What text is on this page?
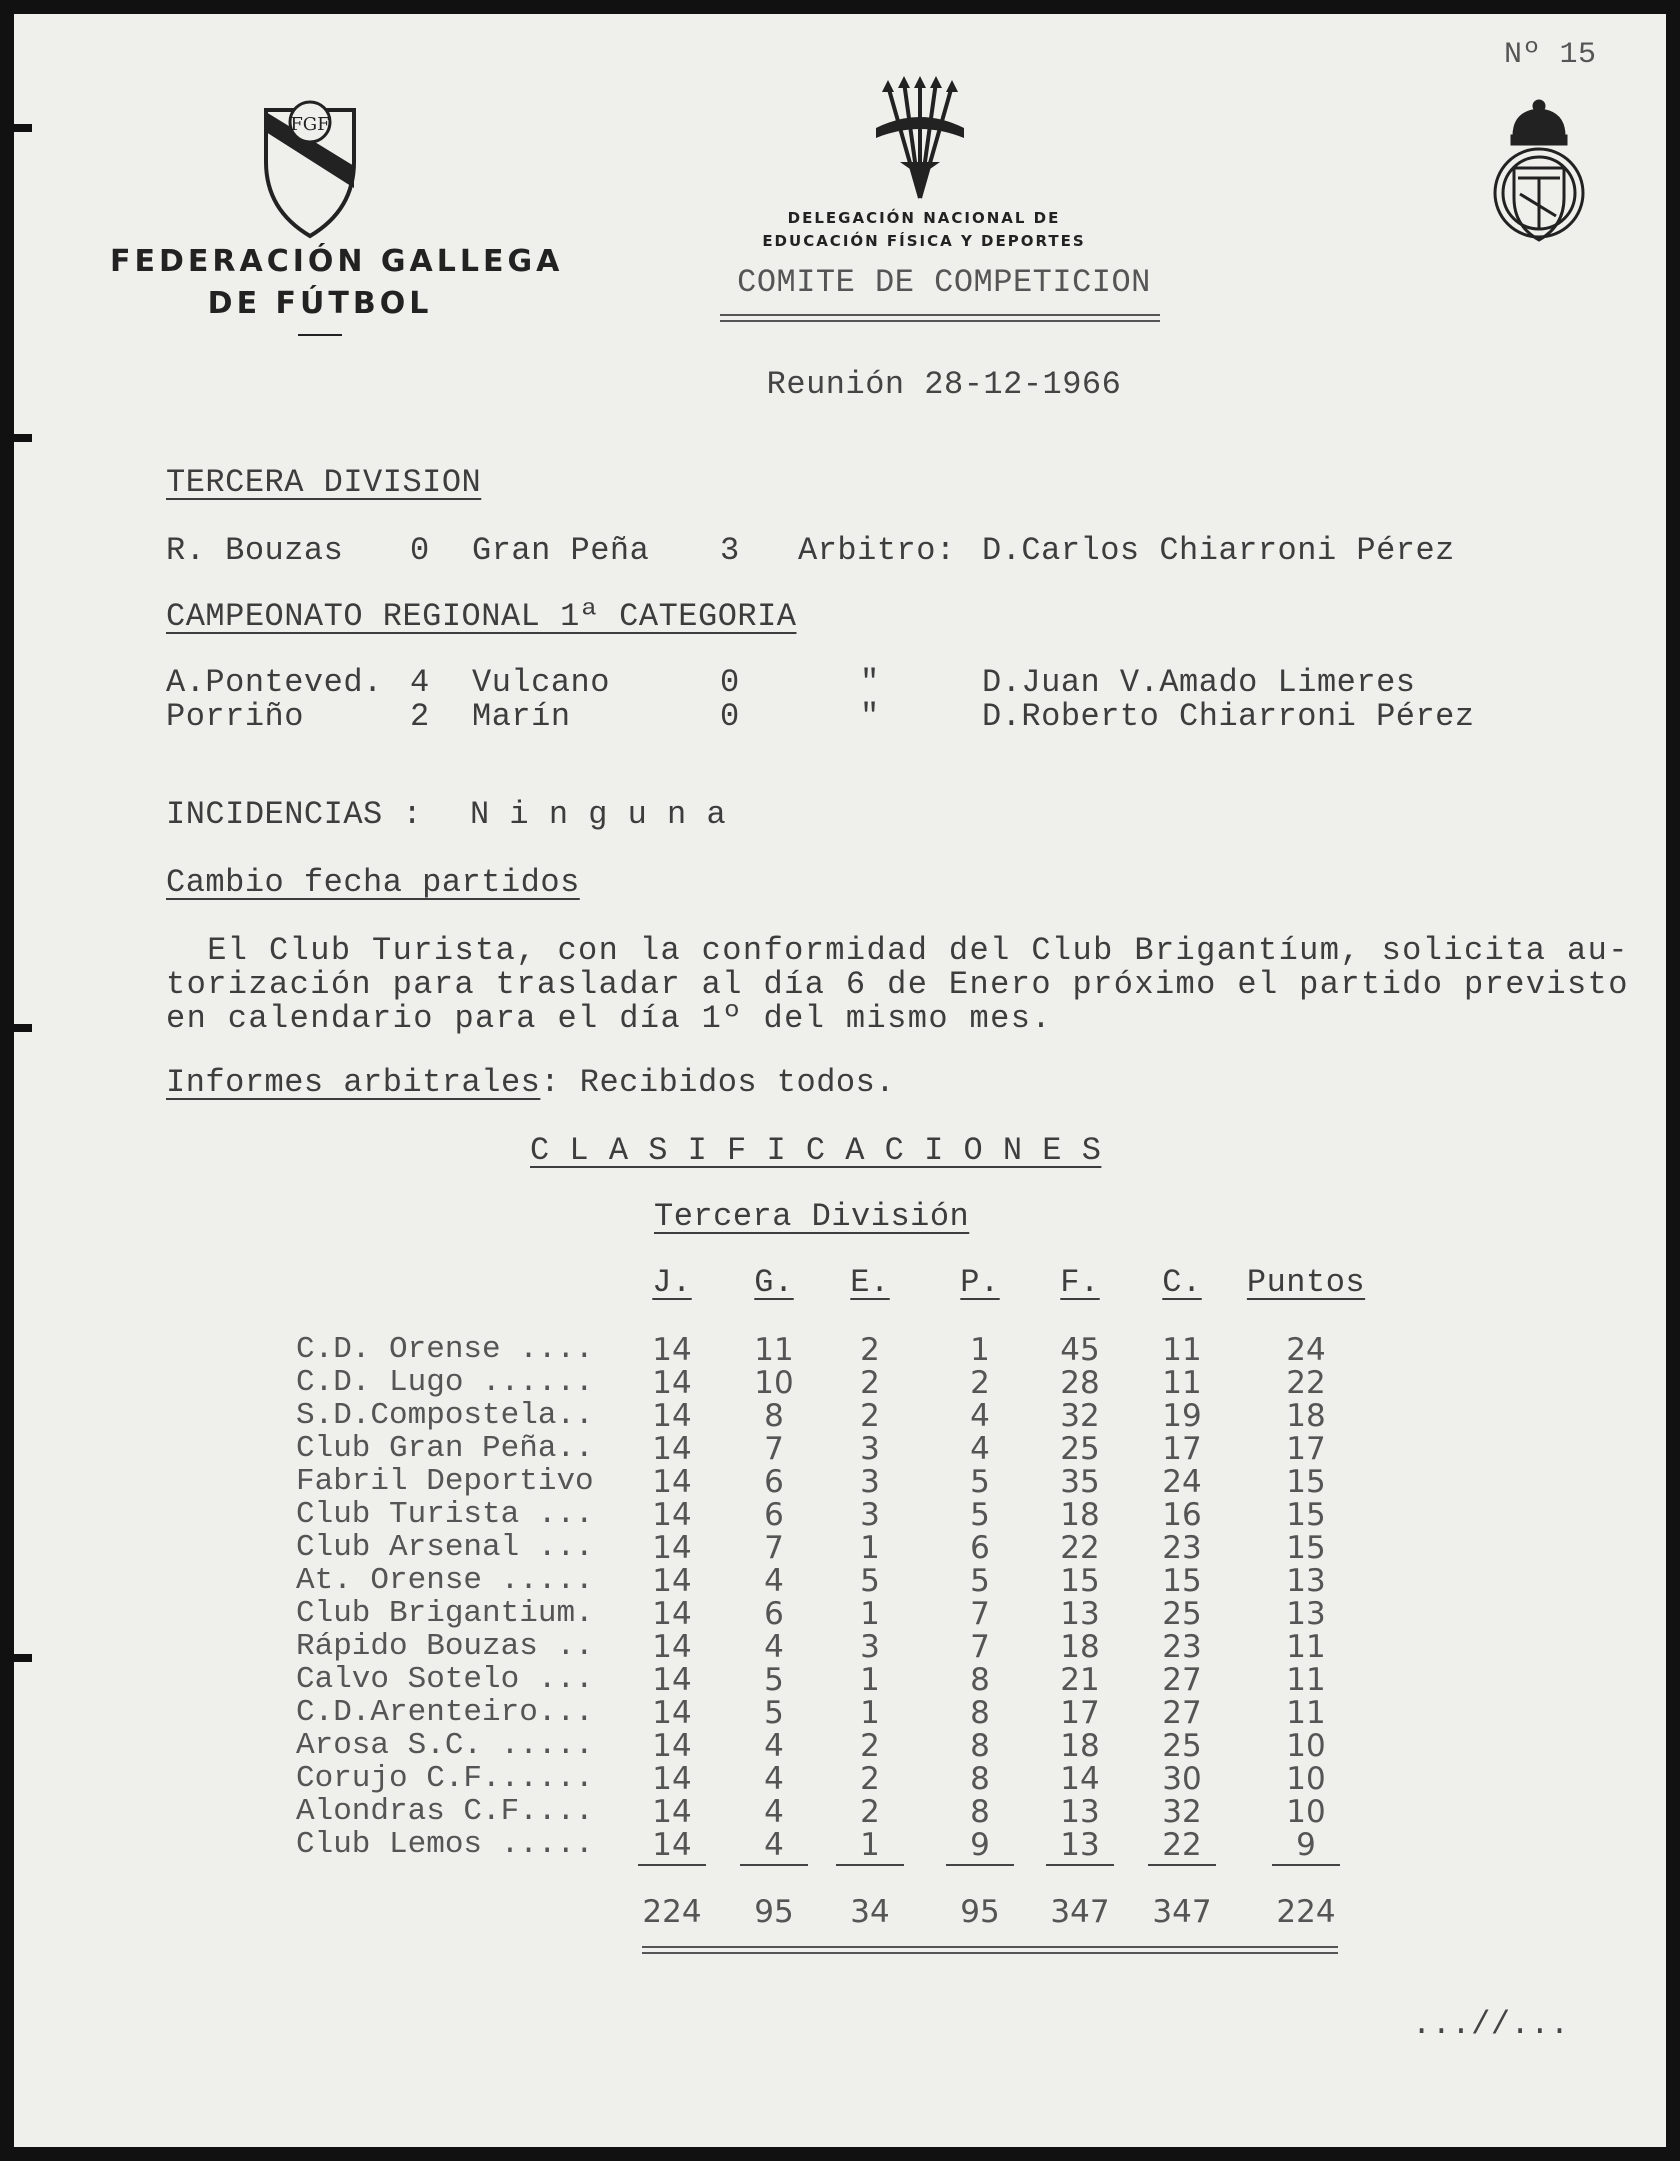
Nº 15
FGF
FEDERACIÓN GALLEGA
DE FÚTBOL
DELEGACIÓN NACIONAL DE
EDUCACIÓN FÍSICA Y DEPORTES
COMITE DE COMPETICION
Reunión 28-12-1966
TERCERA DIVISION
R. Bouzas 0 Gran Peña 3 Arbitro: D.Carlos Chiarroni Pérez
CAMPEONATO REGIONAL 1ª CATEGORIA
A.Ponteved. 4 Vulcano	0	"	D.Juan V.Amado Limeres
Porriño	2 Marín	0	"	D.Roberto Chiarroni Pérez
INCIDENCIAS : N i n g u n a
Cambio fecha partidos
El Club Turista, con la conformidad del Club Brigantíum, solicita au-
torización para trasladar al día 6 de Enero próximo el partido previsto
en calendario para el día 1º del mismo mes.
Informes arbitrales: Recibidos todos.
C L A S I F I C A C I O N E S
Tercera División
J.	G.	E.	P.	F.	C.	Puntos
C.D. Orense ....	14	11	2	1	45	11	24
C.D. Lugo ......	14	10	2	2	28	11	22
S.D.Compostela..	14	8	2	4	32	19	18
Club Gran Peña..	14	7	3	4	25	17	17
Fabril Deportivo	14	6	3	5	35	24	15
Club Turista ...	14	6	3	5	18	16	15
Club Arsenal ...	14	7	1	6	22	23	15
At. Orense .....	14	4	5	5	15	15	13
Club Brigantium.	14	6	1	7	13	25	13
Rápido Bouzas ..	14	4	3	7	18	23	11
Calvo Sotelo ...	14	5	1	8	21	27	11
C.D.Arenteiro...	14	5	1	8	17	27	11
Arosa S.C. .....	14	4	2	8	18	25	10
Corujo C.F......	14	4	2	8	14	30	10
Alondras C.F....	14	4	2	8	13	32	10
Club Lemos .....	14	4	1	9	13	22	9
224	95	34	95	347	347	224
...//...
